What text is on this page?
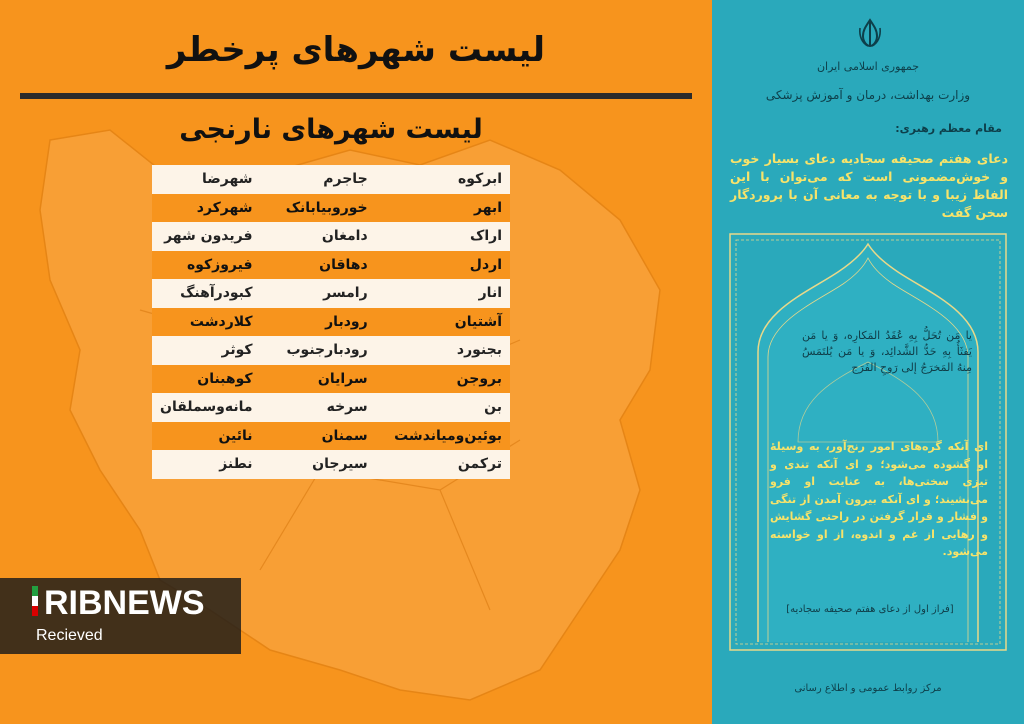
لیست شهرهای پرخطر
لیست شهرهای نارنجی
ابرکوه	جاجرم	شهرضا
ابهر	خوروبیابانک	شهرکرد
اراک	دامغان	فریدون شهر
اردل	دهاقان	فیروزکوه
انار	رامسر	کبودرآهنگ
آشتیان	رودبار	کلاردشت
بجنورد	رودبارجنوب	کوثر
بروجن	سرایان	کوهبنان
بن	سرخه	مانه‌وسملقان
بوئین‌ومیاندشت	سمنان	نائین
ترکمن	سیرجان	نطنز
RIBNEWS
Recieved
جمهوری اسلامی ایران
وزارت بهداشت، درمان و آموزش پزشکی
مقام معظم رهبری:
دعای هفتم صحیفه سجادیه دعای بسیار خوب و خوش‌مضمونی است که می‌توان با این الفاظ زیبا و با توجه به معانی آن با پروردگار سخن گفت
یا مَن تُحَلُّ بِهِ عُقَدُ المَکارِه، وَ یا مَن یَفثَأُ بِهِ حَدُّ الشَّدائِد، وَ یا مَن یُلتَمَسُ مِنهُ المَخرَجُ إلی رَوحِ الفَرَج
ای آنکه گره‌های امور رنج‌آور، به وسیلهٔ او گشوده می‌شود؛ و ای آنکه تندی و تیزی سختی‌ها، به عنایت او فرو می‌نشیند؛ و ای آنکه بیرون آمدن از تنگی و فشار و قرار گرفتن در راحتی گشایش و رهایی از غم و اندوه، از او خواسته می‌شود.
[فراز اول از دعای هفتم صحیفه سجادیه]
مرکز روابط عمومی و اطلاع رسانی
